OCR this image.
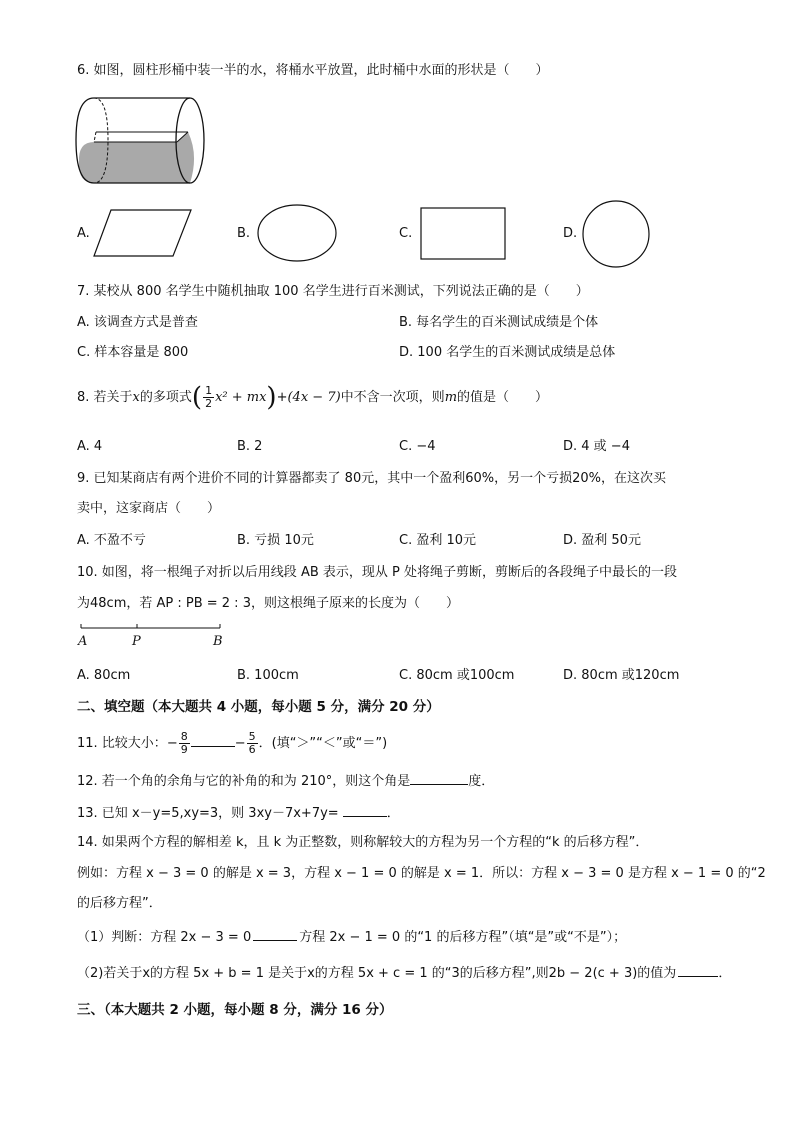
6. 如图，圆柱形桶中装一半的水，将桶水平放置，此时桶中水面的形状是（　　）
A.	B.	C.	D.
7. 某校从 800 名学生中随机抽取 100 名学生进行百米测试，下列说法正确的是（　　）
A. 该调查方式是普查	B. 每名学生的百米测试成绩是个体
C. 样本容量是 800	D. 100 名学生的百米测试成绩是总体
8. 若关于x的多项式( $\frac{1}{2} x^2 + mx)+(4x - 7)$中不含一次项，则m的值是（　　）
A. 4	B. 2	C. −4	D. 4 或 −4
9. 已知某商店有两个进价不同的计算器都卖了 80元，其中一个盈利60%，另一个亏损20%，在这次买
卖中，这家商店（　　）
A. 不盈不亏	B. 亏损 10元	C. 盈利 10元	D. 盈利 50元
10. 如图，将一根绳子对折以后用线段 AB 表示，现从 P 处将绳子剪断，剪断后的各段绳子中最长的一段
为48cm，若 AP : PB = 2 : 3，则这根绳子原来的长度为（　　）
A	P	B
A. 80cm	B. 100cm	C. 80cm 或100cm	D. 80cm 或120cm
二、填空题（本大题共 4 小题，每小题 5 分，满分 20 分）
11. 比较大小：− $\frac{8}{9}$	− $\frac{5}{6}$ ．(填“＞”“＜”或“＝”)
12. 若一个角的余角与它的补角的和为 210°，则这个角是	度．
13. 已知 x－y=5,xy=3，则 3xy－7x+7y=	．
14. 如果两个方程的解相差 k，且 k 为正整数，则称解较大的方程为另一个方程的“k 的后移方程”．
例如：方程 x − 3 = 0 的解是 x = 3，方程 x − 1 = 0 的解是 x = 1．所以：方程 x − 3 = 0 是方程 x − 1 = 0 的“2
的后移方程”．
（1）判断：方程 2x − 3 = 0	方程 2x − 1 = 0 的“1 的后移方程”（填“是”或“不是”）；
（2)若关于x的方程 5x + b = 1 是关于x的方程 5x + c = 1 的“3的后移方程”,则2b − 2(c + 3)的值为	．
三、（本大题共 2 小题，每小题 8 分，满分 16 分）
